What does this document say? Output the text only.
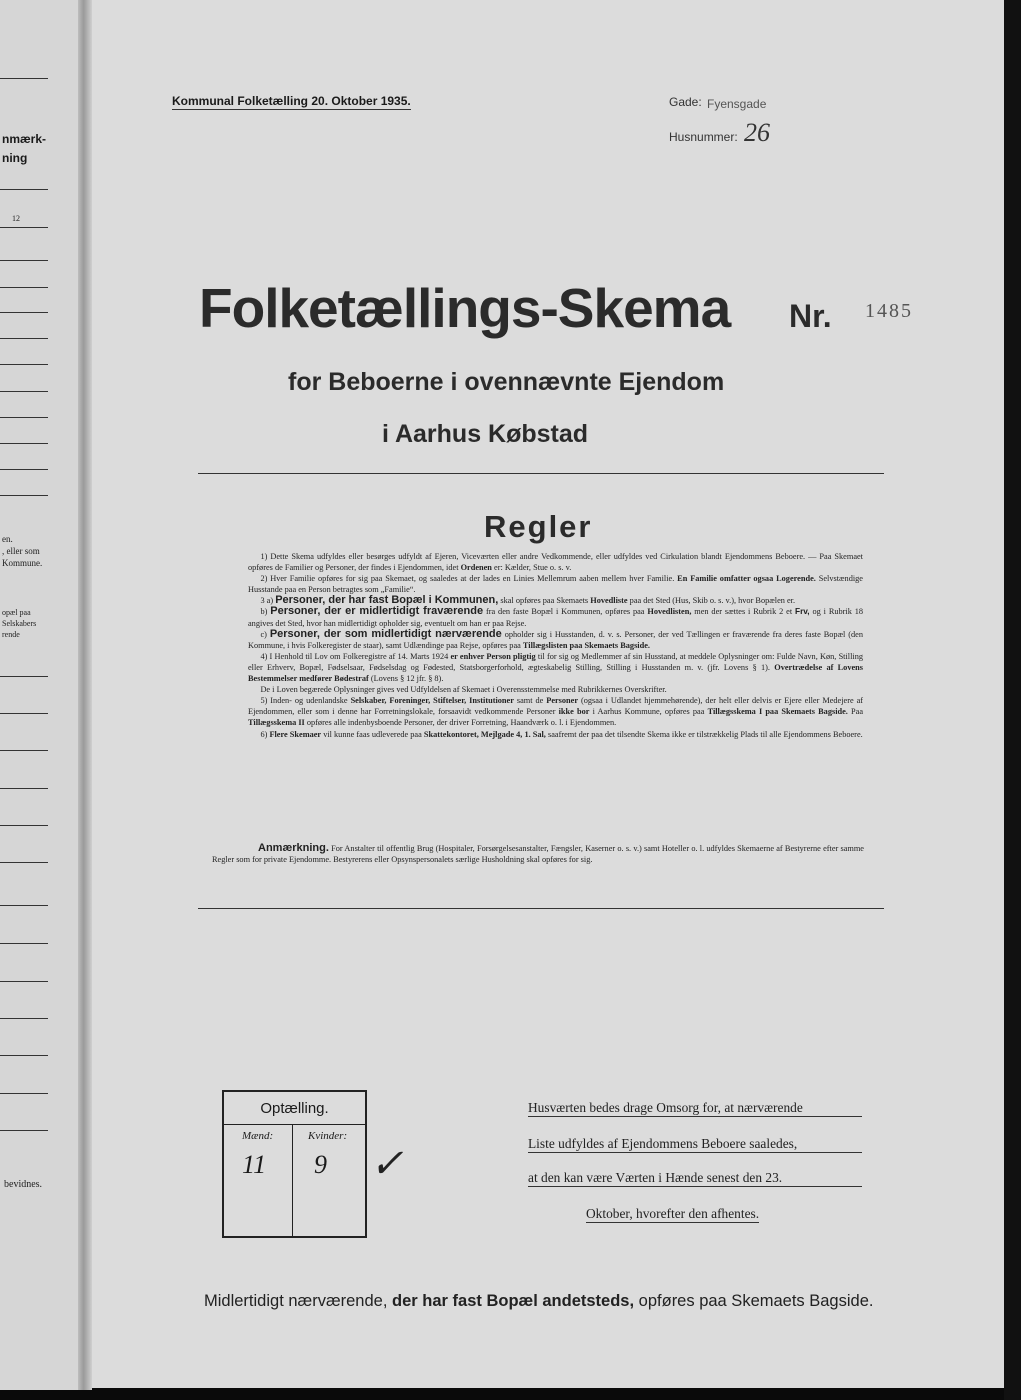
nmærk-
ning
12
en.
, eller som
Kommune.
opæl paa
Selskabers
rende
bevidnes.
Kommunal Folketælling 20. Oktober 1935.	Gade: Fyensgade
Husnummer: 26
Folketællings-Skema Nr. 1485
for Beboerne i ovennævnte Ejendom
i Aarhus Købstad
Regler

1) Dette Skema udfyldes eller besørges udfyldt af Ejeren, Viceværten eller andre Vedkommende, eller udfyldes ved Cirkulation blandt Ejendommens Beboere. — Paa Skemaet opføres de Familier og Personer, der findes i Ejendommen, idet Ordenen er: Kælder, Stue o. s. v.

2) Hver Familie opføres for sig paa Skemaet, og saaledes at der lades en Linies Mellemrum aaben mellem hver Familie. En Familie omfatter ogsaa Logerende. Selvstændige Husstande paa en Person betragtes som „Familie“.

3 a) Personer, der har fast Bopæl i Kommunen, skal opføres paa Skemaets Hovedliste paa det Sted (Hus, Skib o. s. v.), hvor Bopælen er.

b) Personer, der er midlertidigt fraværende fra den faste Bopæl i Kommunen, opføres paa Hovedlisten, men der sættes i Rubrik 2 et Frv, og i Rubrik 18 angives det Sted, hvor han midlertidigt opholder sig, eventuelt om han er paa Rejse.

c) Personer, der som midlertidigt nærværende opholder sig i Husstanden, d. v. s. Personer, der ved Tællingen er fraværende fra deres faste Bopæl (den Kommune, i hvis Folkeregister de staar), samt Udlændinge paa Rejse, opføres paa Tillægslisten paa Skemaets Bagside.

4) I Henhold til Lov om Folkeregistre af 14. Marts 1924 er enhver Person pligtig til for sig og Medlemmer af sin Husstand, at meddele Oplysninger om: Fulde Navn, Køn, Stilling eller Erhverv, Bopæl, Fødselsaar, Fødselsdag og Fødested, Statsborgerforhold, ægteskabelig Stilling, Stilling i Husstanden m. v. (jfr. Lovens § 1). Overtrædelse af Lovens Bestemmelser medfører Bødestraf (Lovens § 12 jfr. § 8).

De i Loven begærede Oplysninger gives ved Udfyldelsen af Skemaet i Overensstemmelse med Rubrikkernes Overskrifter.

5) Inden- og udenlandske Selskaber, Foreninger, Stiftelser, Institutioner samt de Personer (ogsaa i Udlandet hjemmehørende), der helt eller delvis er Ejere eller Medejere af Ejendommen, eller som i denne har Forretningslokale, forsaavidt vedkommende Personer ikke bor i Aarhus Kommune, opføres paa Tillægsskema I paa Skemaets Bagside. Paa Tillægsskema II opføres alle indenbysboende Personer, der driver Forretning, Haandværk o. l. i Ejendommen.

6) Flere Skemaer vil kunne faas udleverede paa Skattekontoret, Mejlgade 4, 1. Sal, saafremt der paa det tilsendte Skema ikke er tilstrækkelig Plads til alle Ejendommens Beboere.

Anmærkning. For Anstalter til offentlig Brug (Hospitaler, Forsørgelsesanstalter, Fængsler, Kaserner o. s. v.) samt Hoteller o. l. udfyldes Skemaerne af Bestyrerne efter samme Regler som for private Ejendomme. Bestyrerens eller Opsynspersonalets særlige Husholdning skal opføres for sig.
Optælling.
Mænd:	Kvinder:
11 9 ✓
Husværten bedes drage Omsorg for, at nærværende
Liste udfyldes af Ejendommens Beboere saaledes,
at den kan være Værten i Hænde senest den 23.
Oktober, hvorefter den afhentes.
Midlertidigt nærværende, der har fast Bopæl andetsteds, opføres paa Skemaets Bagside.
